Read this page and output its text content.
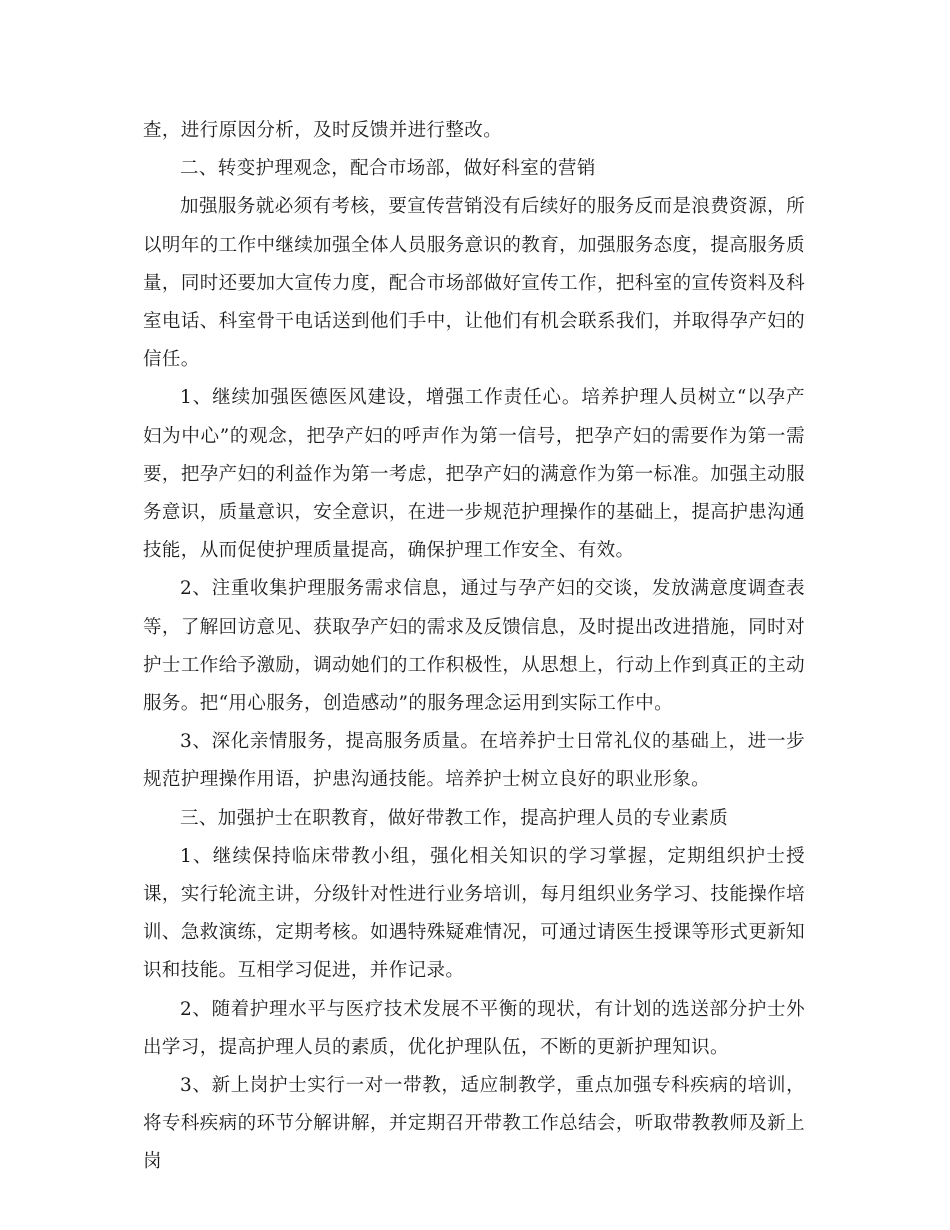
查，进行原因分析，及时反馈并进行整改。

二、转变护理观念，配合市场部，做好科室的营销

加强服务就必须有考核，要宣传营销没有后续好的服务反而是浪费资源，所以明年的工作中继续加强全体人员服务意识的教育，加强服务态度，提高服务质量，同时还要加大宣传力度，配合市场部做好宣传工作，把科室的宣传资料及科室电话、科室骨干电话送到他们手中，让他们有机会联系我们，并取得孕产妇的信任。

1、继续加强医德医风建设，增强工作责任心。培养护理人员树立“以孕产妇为中心”的观念，把孕产妇的呼声作为第一信号，把孕产妇的需要作为第一需要，把孕产妇的利益作为第一考虑，把孕产妇的满意作为第一标准。加强主动服务意识，质量意识，安全意识，在进一步规范护理操作的基础上，提高护患沟通技能，从而促使护理质量提高，确保护理工作安全、有效。

2、注重收集护理服务需求信息，通过与孕产妇的交谈，发放满意度调查表等，了解回访意见、获取孕产妇的需求及反馈信息，及时提出改进措施，同时对护士工作给予激励，调动她们的工作积极性，从思想上，行动上作到真正的主动服务。把“用心服务，创造感动”的服务理念运用到实际工作中。

3、深化亲情服务，提高服务质量。在培养护士日常礼仪的基础上，进一步规范护理操作用语，护患沟通技能。培养护士树立良好的职业形象。

三、加强护士在职教育，做好带教工作，提高护理人员的专业素质

1、继续保持临床带教小组，强化相关知识的学习掌握，定期组织护士授课，实行轮流主讲，分级针对性进行业务培训，每月组织业务学习、技能操作培训、急救演练，定期考核。如遇特殊疑难情况，可通过请医生授课等形式更新知识和技能。互相学习促进，并作记录。

2、随着护理水平与医疗技术发展不平衡的现状，有计划的选送部分护士外出学习，提高护理人员的素质，优化护理队伍，不断的更新护理知识。

3、新上岗护士实行一对一带教，适应制教学，重点加强专科疾病的培训，将专科疾病的环节分解讲解，并定期召开带教工作总结会，听取带教教师及新上岗
